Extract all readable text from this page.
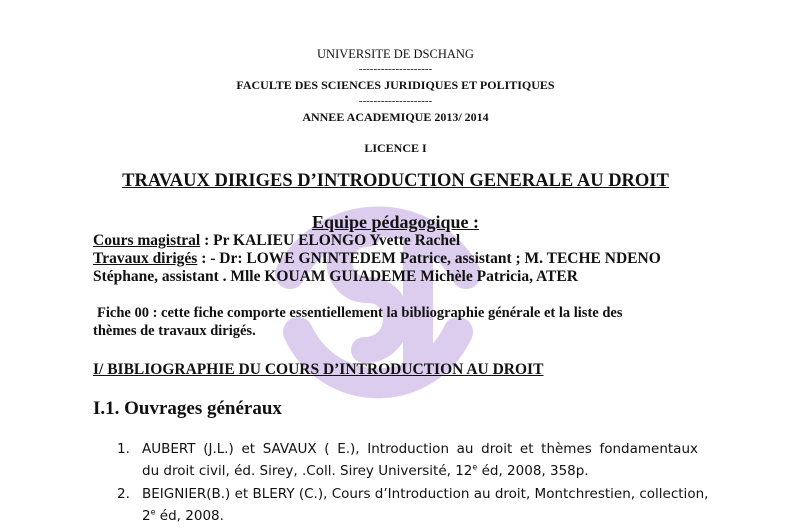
UNIVERSITE DE DSCHANG
--------------------
FACULTE DES SCIENCES JURIDIQUES ET POLITIQUES
--------------------
ANNEE ACADEMIQUE 2013/ 2014
LICENCE I
TRAVAUX DIRIGES D’INTRODUCTION GENERALE AU DROIT
Equipe pédagogique :
Cours magistral : Pr KALIEU ELONGO Yvette Rachel
Travaux dirigés : - Dr: LOWE GNINTEDEM Patrice, assistant ; M. TECHE NDENO
Stéphane, assistant . Mlle KOUAM GUIADEME Michèle Patricia, ATER
Fiche 00 : cette fiche comporte essentiellement la bibliographie générale et la liste des
thèmes de travaux dirigés.
I/ BIBLIOGRAPHIE DU COURS D’INTRODUCTION AU DROIT
I.1. Ouvrages généraux
1. AUBERT (J.L.) et SAVAUX ( E.), Introduction au droit et thèmes fondamentaux
du droit civil, éd. Sirey, .Coll. Sirey Université, 12e éd, 2008, 358p.
2. BEIGNIER(B.) et BLERY (C.), Cours d’Introduction au droit, Montchrestien, collection,
2e éd, 2008.
